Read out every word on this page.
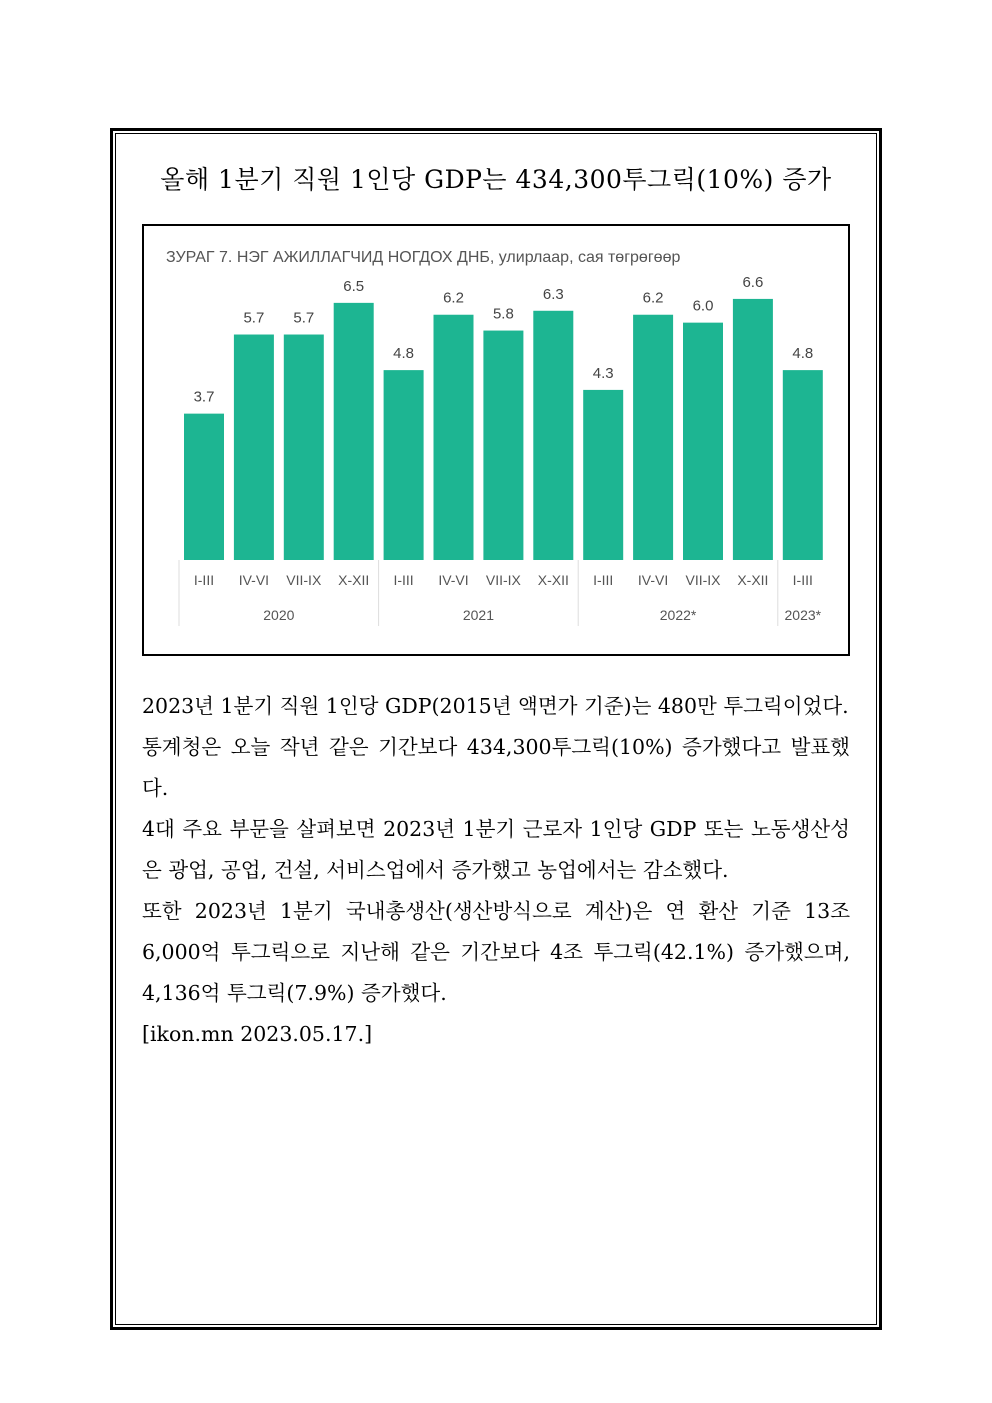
올해 1분기 직원 1인당 GDP는 434,300투그릭(10%) 증가
ЗУРАГ 7. НЭГ АЖИЛЛАГЧИД НОГДОХ ДНБ, улирлаар, сая төгрөгөөр
3.7
I-III
5.7
IV-VI
5.7
VII-IX
6.5
X-XII
4.8
I-III
6.2
IV-VI
5.8
VII-IX
6.3
X-XII
4.3
I-III
6.2
IV-VI
6.0
VII-IX
6.6
X-XII
4.8
I-III
2020	2021	2022*	2023*

2023년 1분기 직원 1인당 GDP(2015년 액면가 기준)는 480만 투그릭이었다.

통계청은 오늘 작년 같은 기간보다 434,300투그릭(10%) 증가했다고 발표했다.

4대 주요 부문을 살펴보면 2023년 1분기 근로자 1인당 GDP 또는 노동생산성은 광업, 공업, 건설, 서비스업에서 증가했고 농업에서는 감소했다.

또한 2023년 1분기 국내총생산(생산방식으로 계산)은 연 환산 기준 13조 6,000억 투그릭으로 지난해 같은 기간보다 4조 투그릭(42.1%) 증가했으며, 4,136억 투그릭(7.9%) 증가했다.

[ikon.mn 2023.05.17.]
